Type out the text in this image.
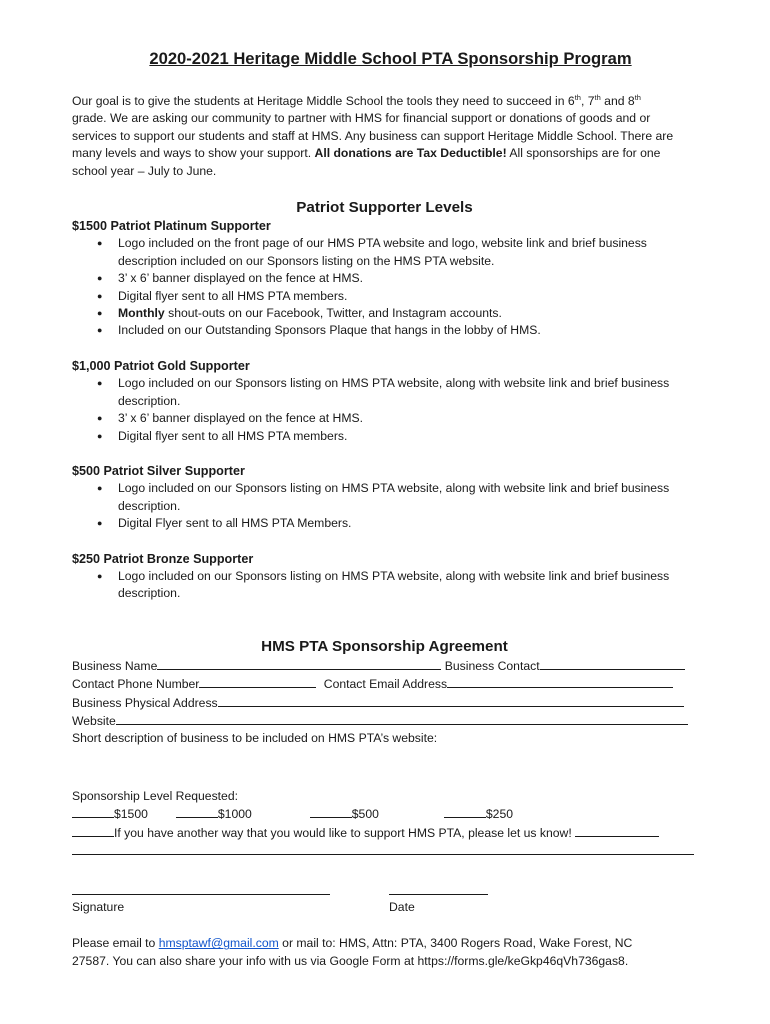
2020-2021 Heritage Middle School PTA Sponsorship Program
Our goal is to give the students at Heritage Middle School the tools they need to succeed in 6th, 7th and 8th
grade. We are asking our community to partner with HMS for financial support or donations of goods and or services to support our students and staff at HMS. Any business can support Heritage Middle School. There are many levels and ways to show your support. All donations are Tax Deductible! All sponsorships are for one school year – July to June.
Patriot Supporter Levels
$1500 Patriot Platinum Supporter
● Logo included on the front page of our HMS PTA website and logo, website link and brief business description included on our Sponsors listing on the HMS PTA website.
● 3’ x 6’ banner displayed on the fence at HMS.
● Digital flyer sent to all HMS PTA members.
● Monthly shout-outs on our Facebook, Twitter, and Instagram accounts.
● Included on our Outstanding Sponsors Plaque that hangs in the lobby of HMS.
$1,000 Patriot Gold Supporter
● Logo included on our Sponsors listing on HMS PTA website, along with website link and brief business description.
● 3’ x 6’ banner displayed on the fence at HMS.
● Digital flyer sent to all HMS PTA members.
$500 Patriot Silver Supporter
● Logo included on our Sponsors listing on HMS PTA website, along with website link and brief business description.
● Digital Flyer sent to all HMS PTA Members.
$250 Patriot Bronze Supporter
● Logo included on our Sponsors listing on HMS PTA website, along with website link and brief business description.
HMS PTA Sponsorship Agreement
Business Name	Business Contact
Contact Phone Number	Contact Email Address
Business Physical Address
Website
Short description of business to be included on HMS PTA’s website:
Sponsorship Level Requested:
$1500	$1000	$500	$250
If you have another way that you would like to support HMS PTA, please let us know!
Signature	Date
Please email to hmsptawf@gmail.com or mail to: HMS, Attn: PTA, 3400 Rogers Road, Wake Forest, NC
27587. You can also share your info with us via Google Form at https://forms.gle/keGkp46qVh736gas8.
